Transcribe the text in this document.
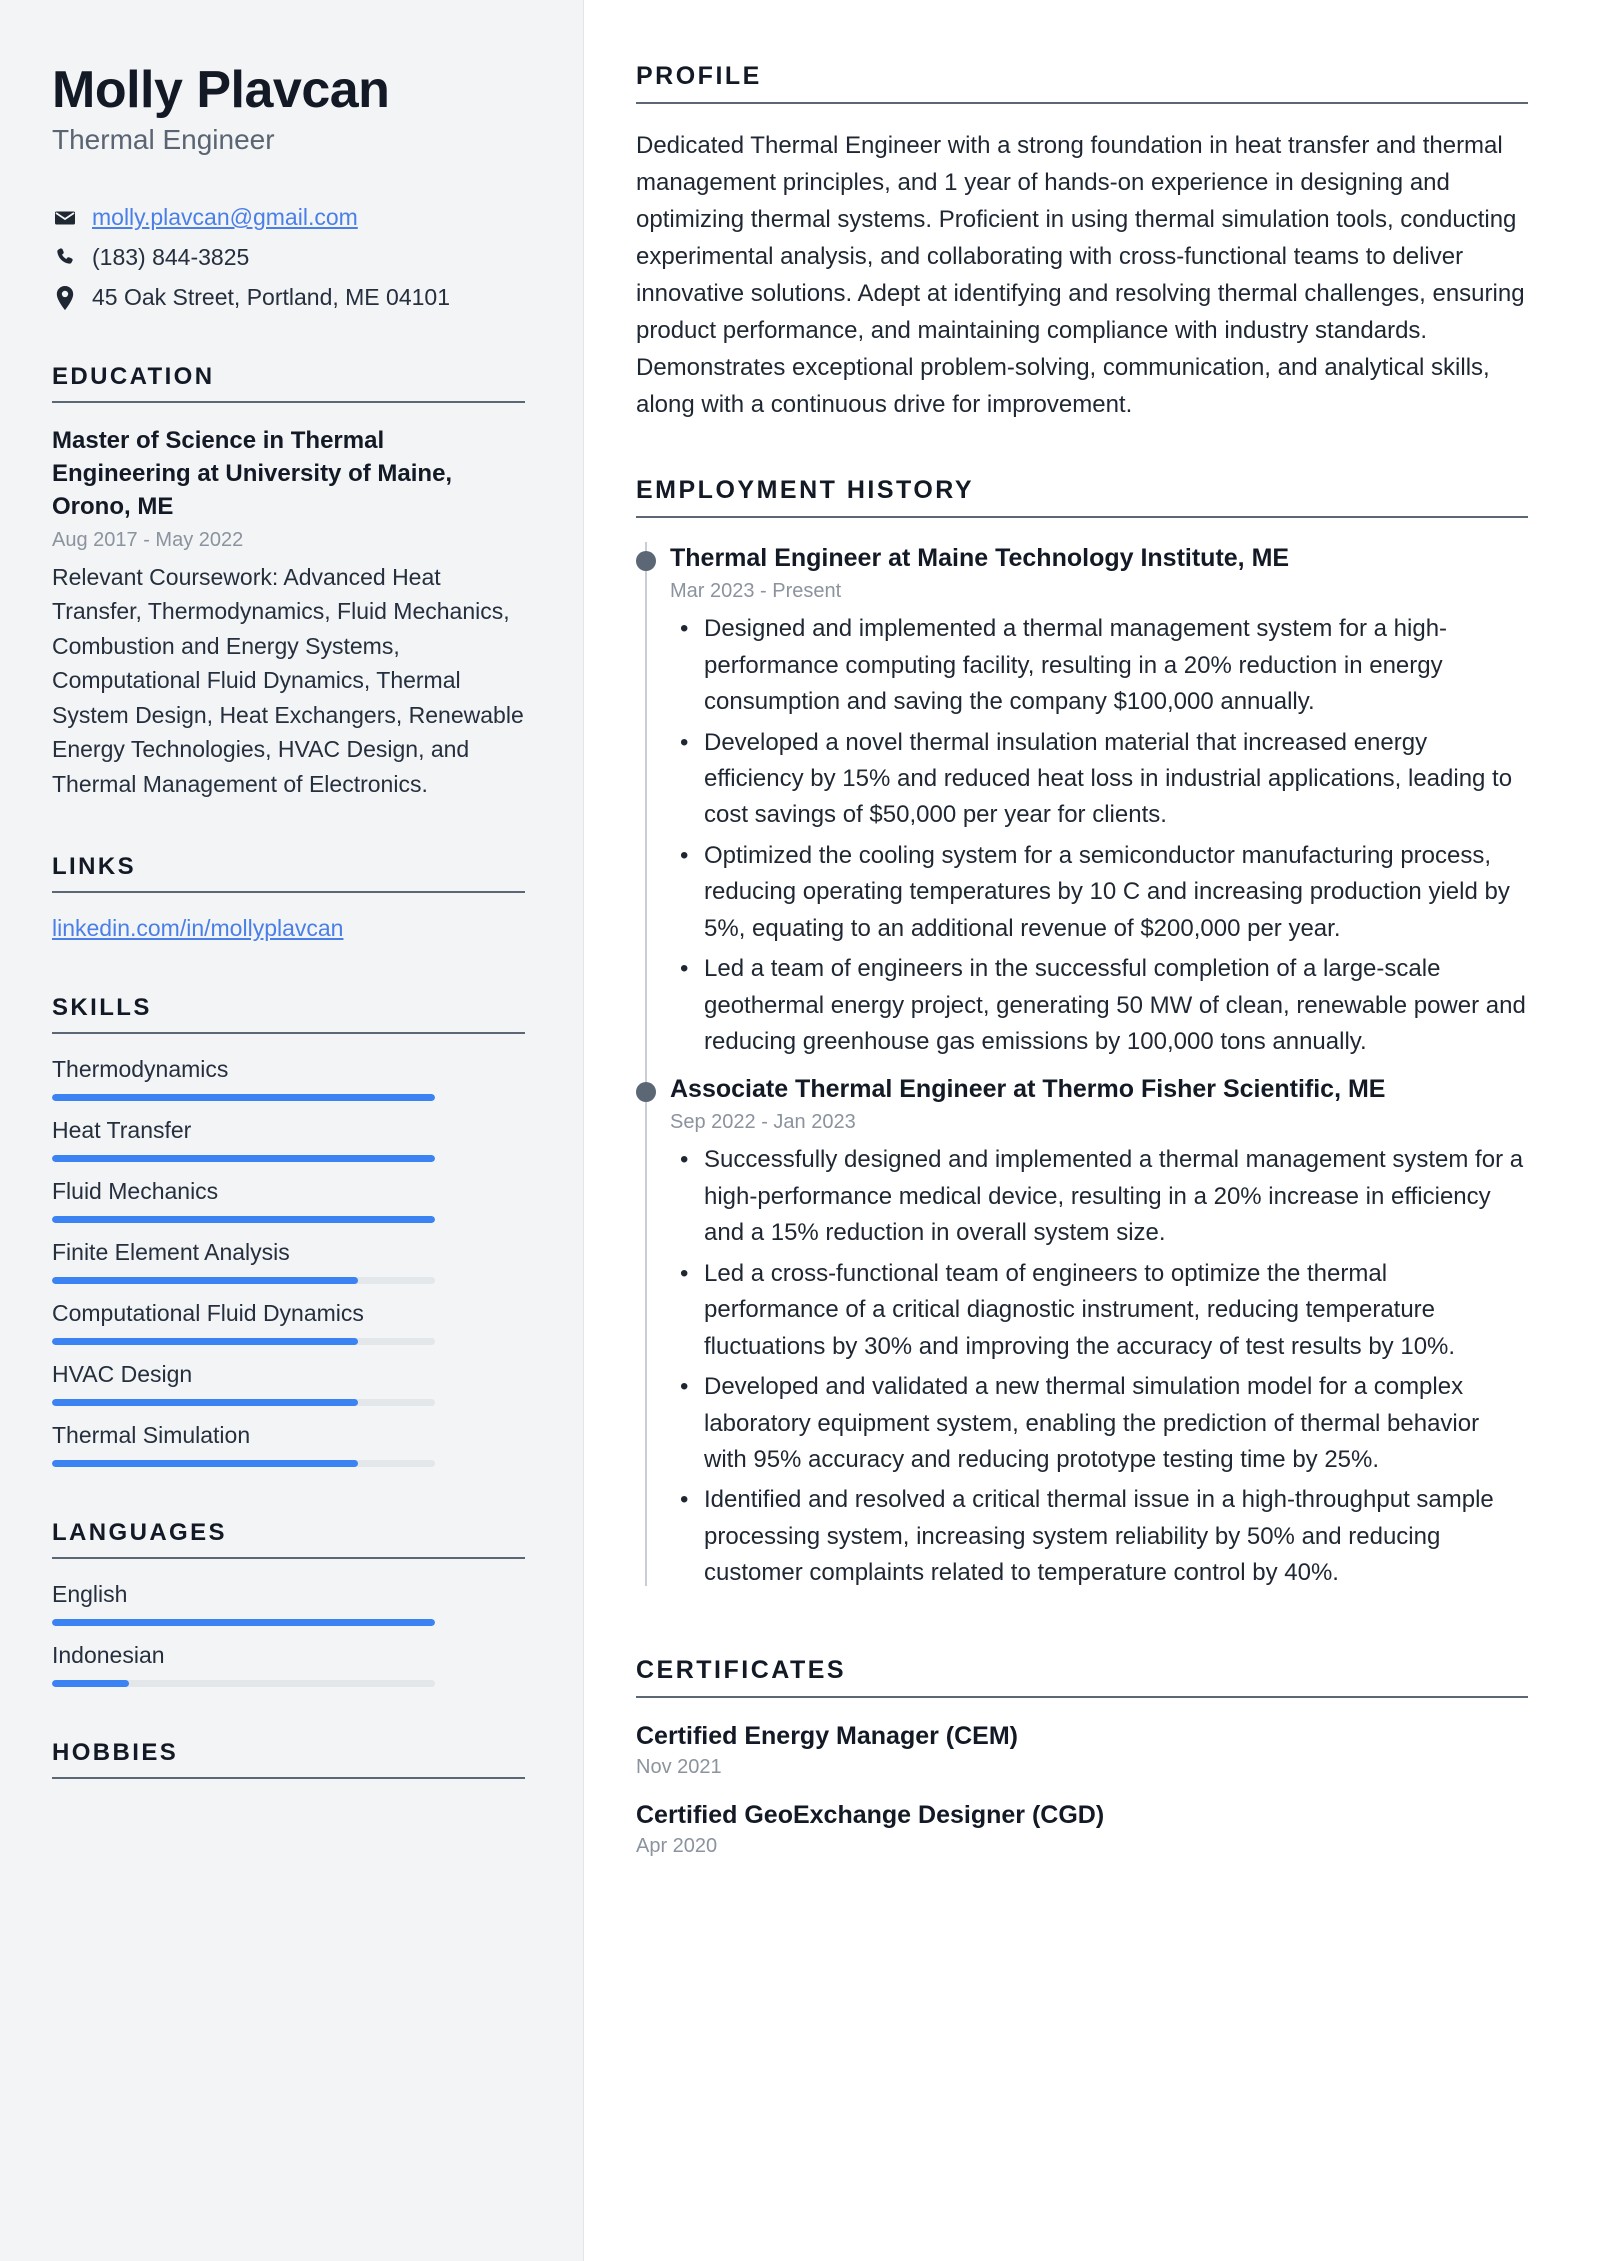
Molly Plavcan
Thermal Engineer
molly.plavcan@gmail.com
(183) 844-3825
45 Oak Street, Portland, ME 04101
EDUCATION
Master of Science in Thermal Engineering at University of Maine, Orono, ME
Aug 2017 - May 2022
Relevant Coursework: Advanced Heat Transfer, Thermodynamics, Fluid Mechanics, Combustion and Energy Systems, Computational Fluid Dynamics, Thermal System Design, Heat Exchangers, Renewable Energy Technologies, HVAC Design, and Thermal Management of Electronics.
LINKS
linkedin.com/in/mollyplavcan
SKILLS
Thermodynamics
Heat Transfer
Fluid Mechanics
Finite Element Analysis
Computational Fluid Dynamics
HVAC Design
Thermal Simulation
LANGUAGES
English
Indonesian
HOBBIES
PROFILE

Dedicated Thermal Engineer with a strong foundation in heat transfer and thermal management principles, and 1 year of hands-on experience in designing and optimizing thermal systems. Proficient in using thermal simulation tools, conducting experimental analysis, and collaborating with cross-functional teams to deliver innovative solutions. Adept at identifying and resolving thermal challenges, ensuring product performance, and maintaining compliance with industry standards. Demonstrates exceptional problem-solving, communication, and analytical skills, along with a continuous drive for improvement.

EMPLOYMENT HISTORY
Thermal Engineer at Maine Technology Institute, ME
Mar 2023 - Present
• Designed and implemented a thermal management system for a high-performance computing facility, resulting in a 20% reduction in energy consumption and saving the company $100,000 annually.
• Developed a novel thermal insulation material that increased energy efficiency by 15% and reduced heat loss in industrial applications, leading to cost savings of $50,000 per year for clients.
• Optimized the cooling system for a semiconductor manufacturing process, reducing operating temperatures by 10 C and increasing production yield by 5%, equating to an additional revenue of $200,000 per year.
• Led a team of engineers in the successful completion of a large-scale geothermal energy project, generating 50 MW of clean, renewable power and reducing greenhouse gas emissions by 100,000 tons annually.
Associate Thermal Engineer at Thermo Fisher Scientific, ME
Sep 2022 - Jan 2023
• Successfully designed and implemented a thermal management system for a high-performance medical device, resulting in a 20% increase in efficiency and a 15% reduction in overall system size.
• Led a cross-functional team of engineers to optimize the thermal performance of a critical diagnostic instrument, reducing temperature fluctuations by 30% and improving the accuracy of test results by 10%.
• Developed and validated a new thermal simulation model for a complex laboratory equipment system, enabling the prediction of thermal behavior with 95% accuracy and reducing prototype testing time by 25%.
• Identified and resolved a critical thermal issue in a high-throughput sample processing system, increasing system reliability by 50% and reducing customer complaints related to temperature control by 40%.
CERTIFICATES
Certified Energy Manager (CEM)
Nov 2021
Certified GeoExchange Designer (CGD)
Apr 2020
